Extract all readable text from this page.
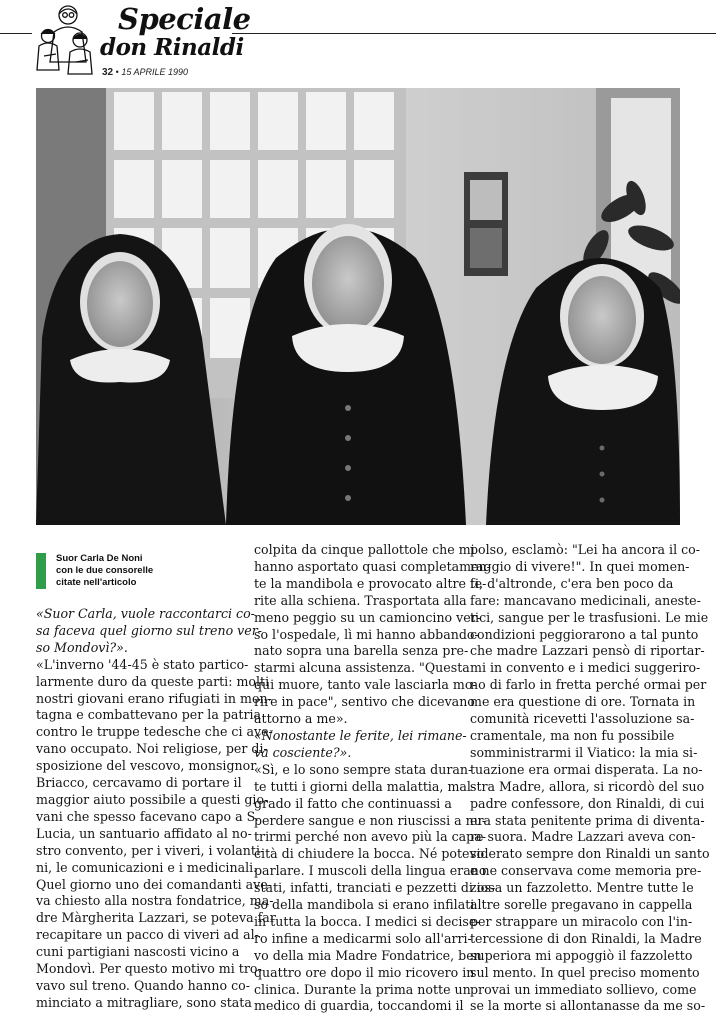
Speciale
don Rinaldi
32 • 15 APRILE 1990
Suor Carla De Noni
con le due consorelle
citate nell'articolo
«Suor Carla, vuole raccontarci co-
sa faceva quel giorno sul treno ver-
so Mondovì?».
«L'inverno '44-45 è stato partico-
larmente duro da queste parti: molti
nostri giovani erano rifugiati in mon-
tagna e combattevano per la patria
contro le truppe tedesche che ci ave-
vano occupato. Noi religiose, per di-
sposizione del vescovo, monsignor
Briacco, cercavamo di portare il
maggior aiuto possibile a questi gio-
vani che spesso facevano capo a S.
Lucia, un santuario affidato al no-
stro convento, per i viveri, i volanti-
ni, le comunicazioni e i medicinali.
Quel giorno uno dei comandanti ave-
va chiesto alla nostra fondatrice, ma-
dre Màrgherita Lazzari, se poteva far
recapitare un pacco di viveri ad al-
cuni partigiani nascosti vicino a
Mondovì. Per questo motivo mi tro-
vavo sul treno. Quando hanno co-
minciato a mitragliare, sono stata
colpita da cinque pallottole che mi
hanno asportato quasi completamen-
te la mandibola e provocato altre fe-
rite alla schiena. Trasportata alla
meno peggio su un camioncino ver-
so l'ospedale, lì mi hanno abbando-
nato sopra una barella senza pre-
starmi alcuna assistenza. "Questa
qui muore, tanto vale lasciarla mo-
rire in pace", sentivo che dicevano
attorno a me».
«Nonostante le ferite, lei rimane-
va cosciente?».
«Sì, e lo sono sempre stata duran-
te tutti i giorni della malattia, mal-
grado il fatto che continuassi a
perdere sangue e non riuscissi a nu-
trirmi perché non avevo più la capa-
cità di chiudere la bocca. Né potevo
parlare. I muscoli della lingua erano
stati, infatti, tranciati e pezzetti di os-
so della mandibola si erano infilati
in tutta la bocca. I medici si decise-
ro infine a medicarmi solo all'arri-
vo della mia Madre Fondatrice, ben
quattro ore dopo il mio ricovero in
clinica. Durante la prima notte un
medico di guardia, toccandomi il
polso, esclamò: "Lei ha ancora il co-
raggio di vivere!". In quei momen-
ti, d'altronde, c'era ben poco da
fare: mancavano medicinali, aneste-
tici, sangue per le trasfusioni. Le mie
condizioni peggiorarono a tal punto
che madre Lazzari pensò di riportar-
mi in convento e i medici suggeriro-
no di farlo in fretta perché ormai per
me era questione di ore. Tornata in
comunità ricevetti l'assoluzione sa-
cramentale, ma non fu possibile
somministrarmi il Viatico: la mia si-
tuazione era ormai disperata. La no-
stra Madre, allora, si ricordò del suo
padre confessore, don Rinaldi, di cui
era stata penitente prima di diventa-
re suora. Madre Lazzari aveva con-
siderato sempre don Rinaldi un santo
e ne conservava come memoria pre-
ziosa un fazzoletto. Mentre tutte le
altre sorelle pregavano in cappella
per strappare un miracolo con l'in-
tercessione di don Rinaldi, la Madre
superiora mi appoggiò il fazzoletto
sul mento. In quel preciso momento
provai un immediato sollievo, come
se la morte si allontanasse da me so-
